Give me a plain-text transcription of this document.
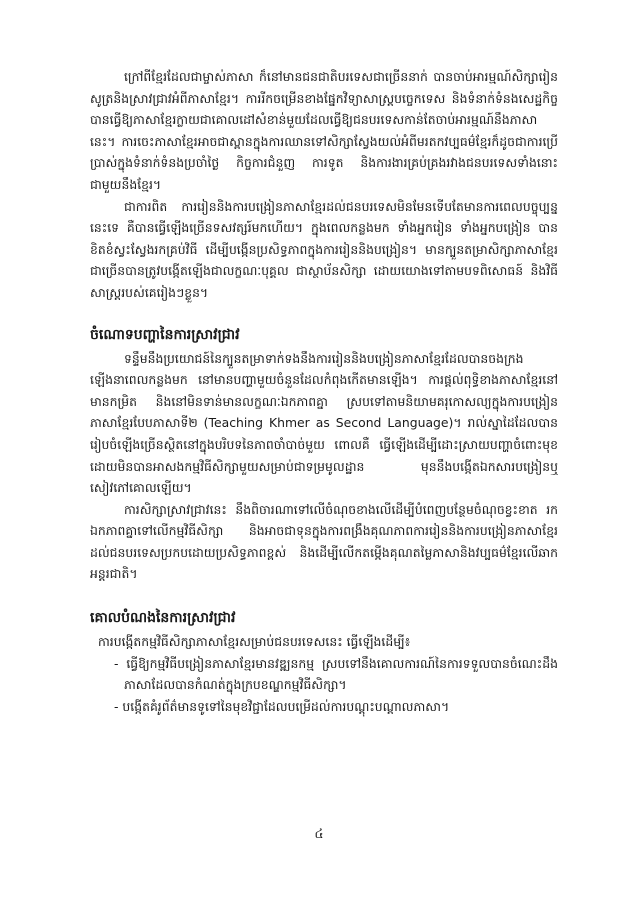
ក្រៅពីខ្មែរដែលជាម្ចាស់ភាសា ក៏នៅមានជនជាតិបរទេសជាច្រើននាក់ បានចាប់អារម្មណ៍សិក្សារៀនសូត្រនិងស្រាវជ្រាវអំពីភាសាខ្មែរ។ ការរីកចម្រើនខាងផ្នែកវិទ្យាសាស្ត្របច្ចេកទេស និងទំនាក់ទំនងសេដ្ឋកិច្ច បានធ្វើឱ្យភាសាខ្មែរក្លាយជាគោលដៅសំខាន់មួយដែលធ្វើឱ្យជនបរទេសកាន់តែចាប់អារម្មណ៍នឹងភាសានេះ។ ការចេះភាសាខ្មែរអាចជាស្ពានក្នុងការឈានទៅសិក្សាស្វែងយល់អំពីមរតកវប្បធម៌ខ្មែរក៏ដូចជាការប្រើប្រាស់ក្នុងទំនាក់ទំនងប្រចាំថ្ងៃ កិច្ចការជំនួញ ការទូត និងការងារគ្រប់គ្រងរវាងជនបរទេសទាំងនោះជាមួយនឹងខ្មែរ។

ជាការពិត ការរៀននិងការបង្រៀនភាសាខ្មែរដល់ជនបរទេសមិនមែនទើបតែមានការពេលបច្ចុប្បន្ននេះទេ គឺបានធ្វើឡើងច្រើនទសវត្សរ៍មកហើយ។ ក្នុងពេលកន្លងមក ទាំងអ្នករៀន ទាំងអ្នកបង្រៀន បានខិតខំស្វះស្វែងរកគ្រប់វិធី ដើម្បីបង្កើនប្រសិទ្ធភាពក្នុងការរៀននិងបង្រៀន។ មានក្បួនតម្រាសិក្សាភាសាខ្មែរជាច្រើនបានត្រូវបង្កើតឡើងជាលក្ខណៈបុគ្គល ជាស្ថាប័នសិក្សា ដោយយោងទៅតាមបទពិសោធន៍ និងវិធីសាស្ត្ររបស់គេរៀងៗខ្លួន។

ចំណោទបញ្ហានៃការស្រាវជ្រាវ

ទន្ទឹមនឹងប្រយោជន៍នៃក្បួនតម្រាទាក់ទងនឹងការរៀននិងបង្រៀនភាសាខ្មែរដែលបានចងក្រងឡើងនាពេលកន្លងមក នៅមានបញ្ហាមួយចំនួនដែលកំពុងកើតមានឡើង។ ការផ្ដល់ពុទ្ធិខាងភាសាខ្មែរនៅមានកម្រិត និងនៅមិនទាន់មានលក្ខណៈឯកភាពគ្នា ស្របទៅតាមនិយាមគរុកោសល្យក្នុងការបង្រៀនភាសាខ្មែរបែបភាសាទី២ (Teaching Khmer as Second Language)។ រាល់ស្នាដៃដែលបានរៀបចំឡើងច្រើនស្ថិតនៅក្នុងបរិបទនៃភាពចាំបាច់មួយ ពោលគឺ ធ្វើឡើងដើម្បីដោះស្រាយបញ្ហាចំពោះមុខ ដោយមិនបានអាសងកម្មវិធីសិក្សាមួយសម្រាប់ជាទម្រមូលដ្ឋាន មុននឹងបង្កើតឯកសារបង្រៀនឬសៀវភៅគោលឡើយ។

ការសិក្សាស្រាវជ្រាវនេះ នឹងពិចារណាទៅលើចំណុចខាងលើដើម្បីបំពេញបន្ថែមចំណុចខ្វះខាត រកឯកភាពគ្នាទៅលើកម្មវិធីសិក្សា និងអាចជាទុនក្នុងការពង្រឹងគុណភាពការរៀននិងការបង្រៀនភាសាខ្មែរដល់ជនបរទេសប្រកបដោយប្រសិទ្ធភាពខ្ពស់ និងដើម្បីលើកតម្កើងគុណតម្លៃភាសានិងវប្បធម៌ខ្មែរលើឆាកអន្តរជាតិ។

គោលបំណងនៃការស្រាវជ្រាវ

ការបង្កើតកម្មវិធីសិក្សាភាសាខ្មែរសម្រាប់ជនបរទេសនេះ ធ្វើឡើងដើម្បី៖

- ធ្វើឱ្យកម្មវិធីបង្រៀនភាសាខ្មែរមានវឌ្ឍនកម្ម ស្របទៅនឹងគោលការណ៍នៃការទទួលបានចំណេះដឹងភាសាដែលបានកំណត់ក្នុងក្របខណ្ឌកម្មវិធីសិក្សា។
- បង្កើតគំរូព័ត៌មានទូទៅនៃមុខវិជ្ជាដែលបម្រើដល់ការបណ្ដុះបណ្ដាលភាសា។
៤
